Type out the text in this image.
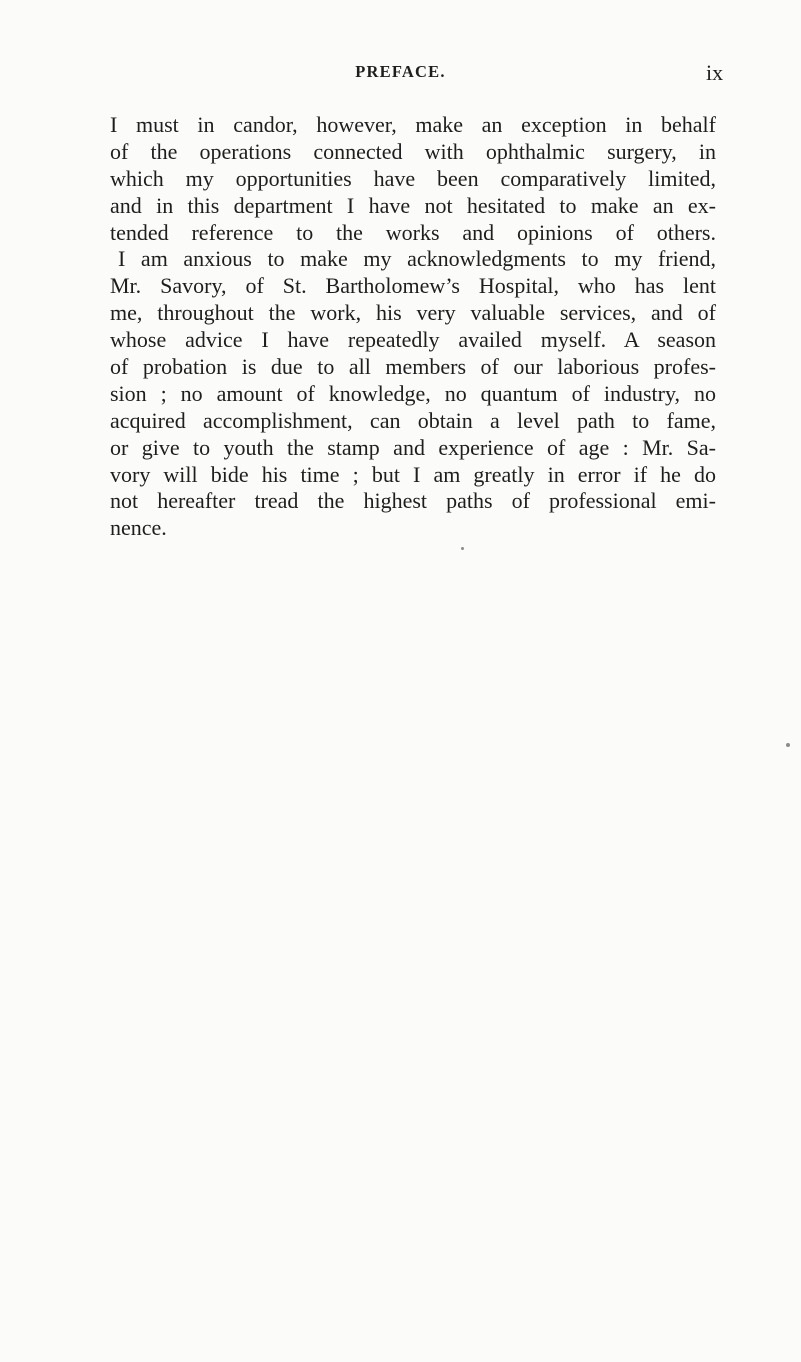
PREFACE.	ix
I must in candor, however, make an exception in behalf
of the operations connected with ophthalmic surgery, in
which my opportunities have been comparatively limited,
and in this department I have not hesitated to make an ex-
tended reference to the works and opinions of others.
I am anxious to make my acknowledgments to my friend,
Mr. Savory, of St. Bartholomew’s Hospital, who has lent
me, throughout the work, his very valuable services, and of
whose advice I have repeatedly availed myself. A season
of probation is due to all members of our laborious profes-
sion ; no amount of knowledge, no quantum of industry, no
acquired accomplishment, can obtain a level path to fame,
or give to youth the stamp and experience of age : Mr. Sa-
vory will bide his time ; but I am greatly in error if he do
not hereafter tread the highest paths of professional emi-
nence.
